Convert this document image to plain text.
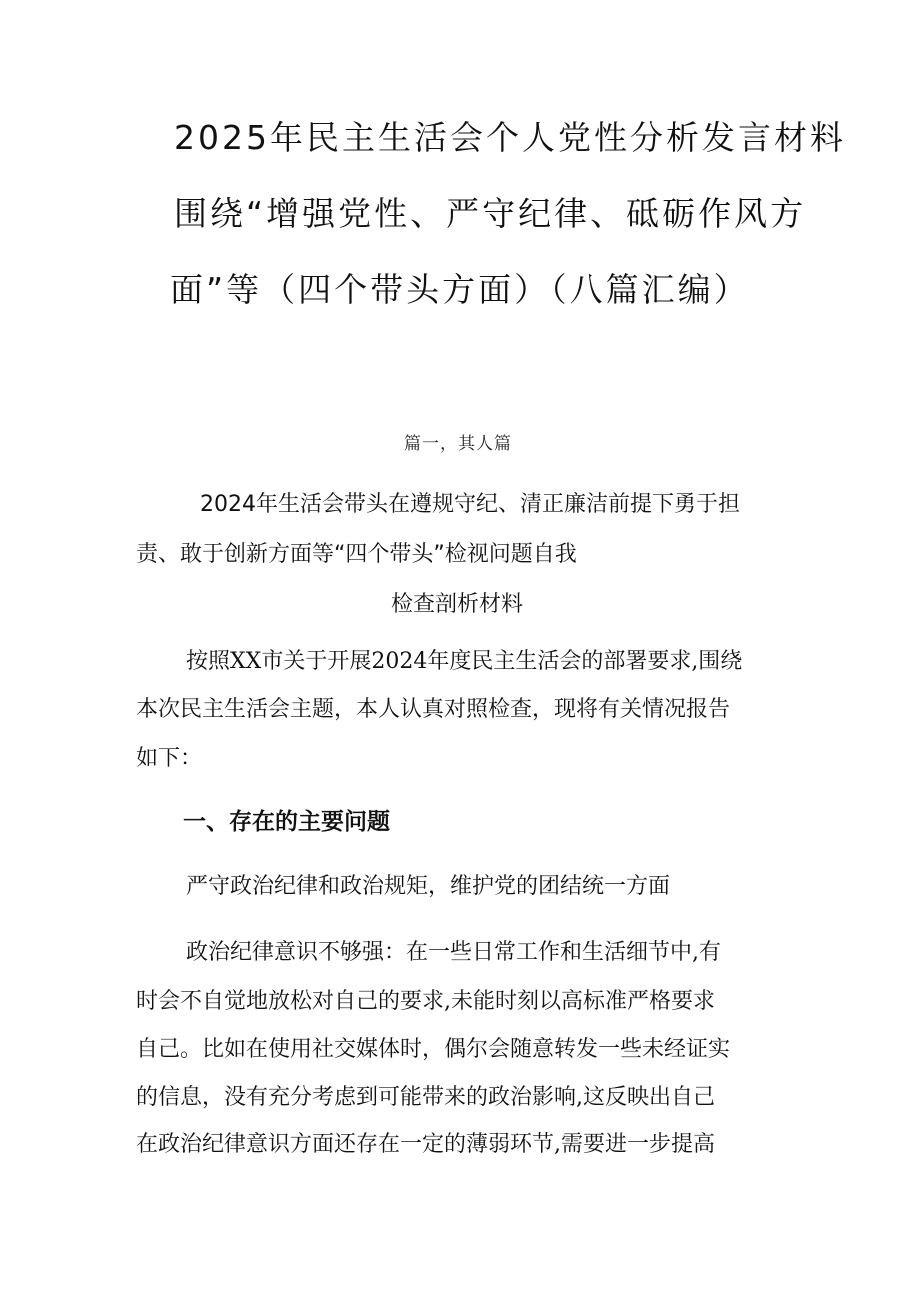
2025年民主生活会个人党性分析发言材料
围绕“增强党性、严守纪律、砥砺作风方
面”等（四个带头方面）（八篇汇编）
篇一，其人篇
2024年生活会带头在遵规守纪、清正廉洁前提下勇于担
责、敢于创新方面等“四个带头”检视问题自我
检查剖析材料
按照XX市关于开展2024年度民主生活会的部署要求,围绕
本次民主生活会主题，本人认真对照检查，现将有关情况报告
如下：
一、存在的主要问题
严守政治纪律和政治规矩，维护党的团结统一方面
政治纪律意识不够强：在一些日常工作和生活细节中,有
时会不自觉地放松对自己的要求,未能时刻以高标准严格要求
自己。比如在使用社交媒体时，偶尔会随意转发一些未经证实
的信息，没有充分考虑到可能带来的政治影响,这反映出自己
在政治纪律意识方面还存在一定的薄弱环节,需要进一步提高
